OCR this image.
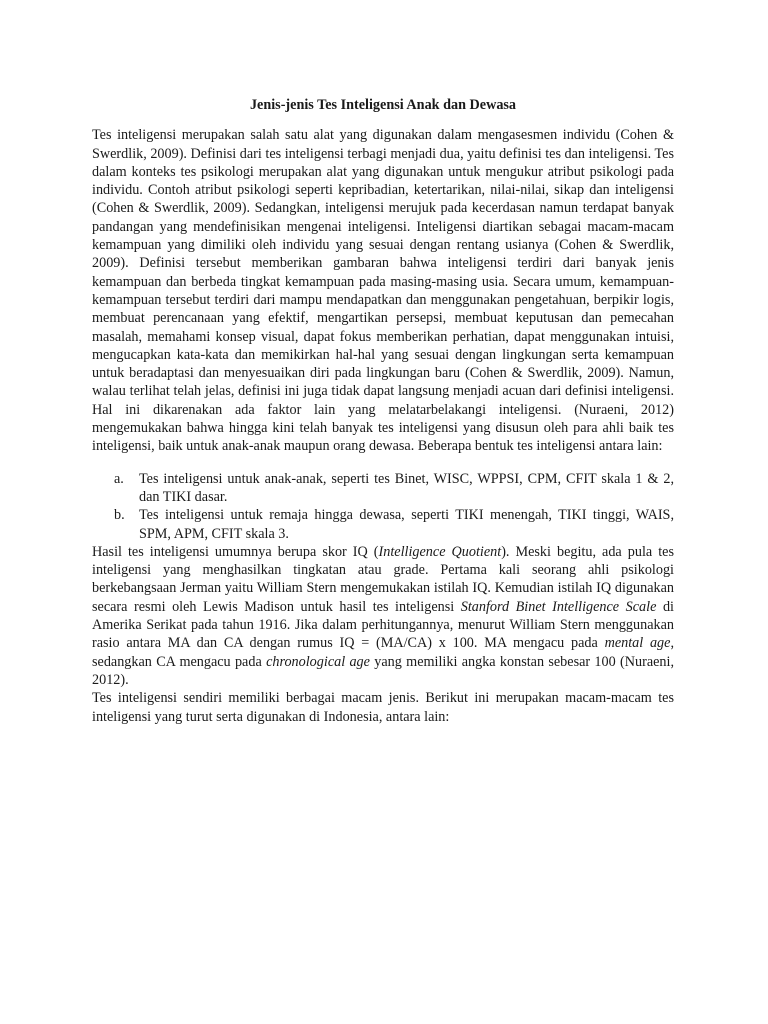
Jenis-jenis Tes Inteligensi Anak dan Dewasa

Tes inteligensi merupakan salah satu alat yang digunakan dalam mengasesmen individu (Cohen & Swerdlik, 2009). Definisi dari tes inteligensi terbagi menjadi dua, yaitu definisi tes dan inteligensi. Tes dalam konteks tes psikologi merupakan alat yang digunakan untuk mengukur atribut psikologi pada individu. Contoh atribut psikologi seperti kepribadian, ketertarikan, nilai-nilai, sikap dan inteligensi (Cohen & Swerdlik, 2009). Sedangkan, inteligensi merujuk pada kecerdasan namun terdapat banyak pandangan yang mendefinisikan mengenai inteligensi. Inteligensi diartikan sebagai macam-macam kemampuan yang dimiliki oleh individu yang sesuai dengan rentang usianya (Cohen & Swerdlik, 2009). Definisi tersebut memberikan gambaran bahwa inteligensi terdiri dari banyak jenis kemampuan dan berbeda tingkat kemampuan pada masing-masing usia. Secara umum, kemampuan-kemampuan tersebut terdiri dari mampu mendapatkan dan menggunakan pengetahuan, berpikir logis, membuat perencanaan yang efektif, mengartikan persepsi, membuat keputusan dan pemecahan masalah, memahami konsep visual, dapat fokus memberikan perhatian, dapat menggunakan intuisi, mengucapkan kata-kata dan memikirkan hal-hal yang sesuai dengan lingkungan serta kemampuan untuk beradaptasi dan menyesuaikan diri pada lingkungan baru (Cohen & Swerdlik, 2009). Namun, walau terlihat telah jelas, definisi ini juga tidak dapat langsung menjadi acuan dari definisi inteligensi. Hal ini dikarenakan ada faktor lain yang melatarbelakangi inteligensi. (Nuraeni, 2012) mengemukakan bahwa hingga kini telah banyak tes inteligensi yang disusun oleh para ahli baik tes inteligensi, baik untuk anak-anak maupun orang dewasa. Beberapa bentuk tes inteligensi antara lain:

a. Tes inteligensi untuk anak-anak, seperti tes Binet, WISC, WPPSI, CPM, CFIT skala 1 & 2, dan TIKI dasar.
b. Tes inteligensi untuk remaja hingga dewasa, seperti TIKI menengah, TIKI tinggi, WAIS, SPM, APM, CFIT skala 3.

Hasil tes inteligensi umumnya berupa skor IQ (Intelligence Quotient). Meski begitu, ada pula tes inteligensi yang menghasilkan tingkatan atau grade. Pertama kali seorang ahli psikologi berkebangsaan Jerman yaitu William Stern mengemukakan istilah IQ. Kemudian istilah IQ digunakan secara resmi oleh Lewis Madison untuk hasil tes inteligensi Stanford Binet Intelligence Scale di Amerika Serikat pada tahun 1916. Jika dalam perhitungannya, menurut William Stern menggunakan rasio antara MA dan CA dengan rumus IQ = (MA/CA) x 100. MA mengacu pada mental age, sedangkan CA mengacu pada chronological age yang memiliki angka konstan sebesar 100 (Nuraeni, 2012).

Tes inteligensi sendiri memiliki berbagai macam jenis. Berikut ini merupakan macam-macam tes inteligensi yang turut serta digunakan di Indonesia, antara lain:
